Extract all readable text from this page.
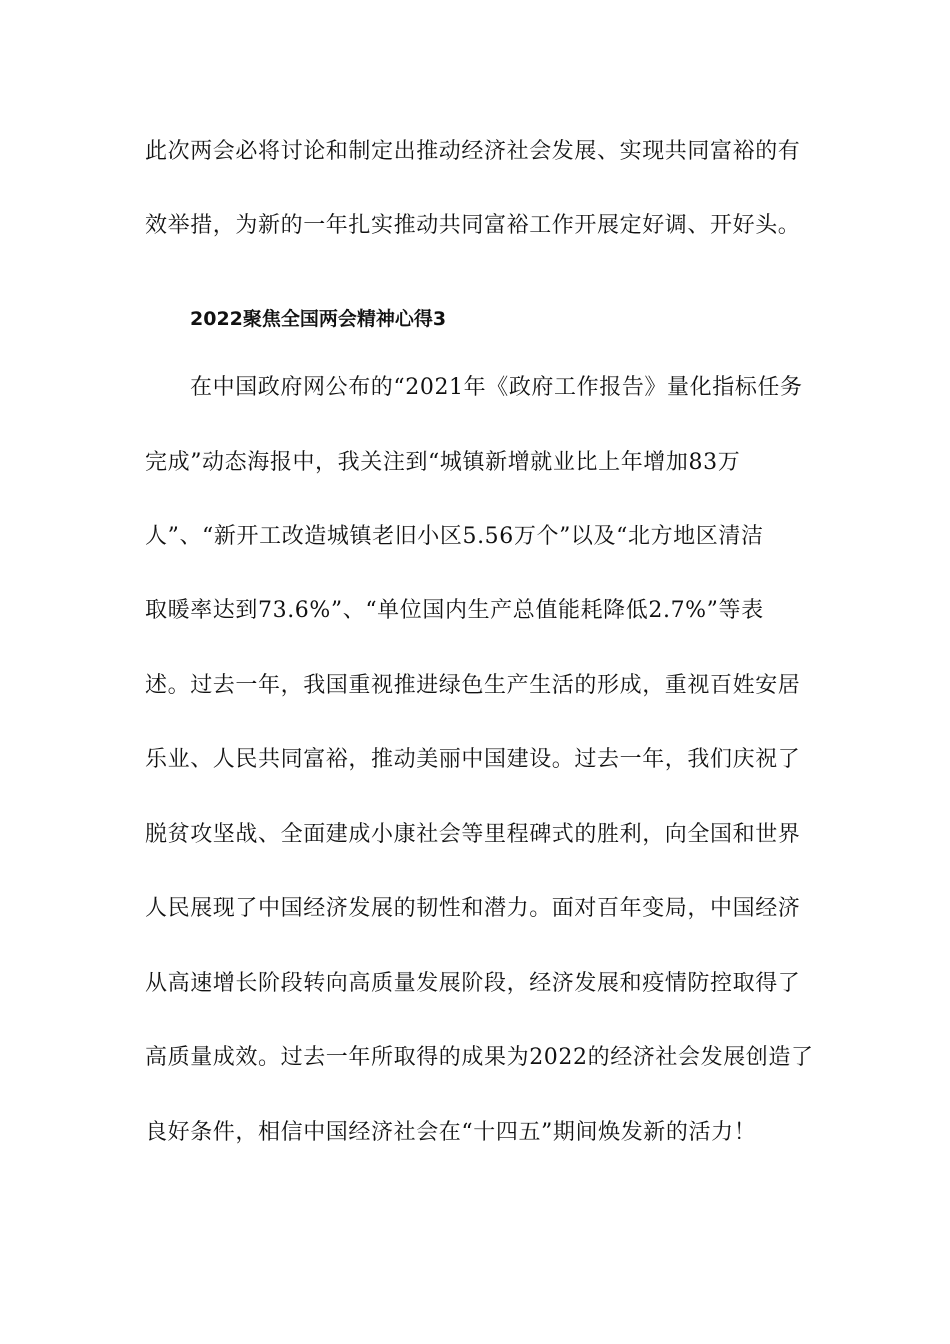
此次两会必将讨论和制定出推动经济社会发展、实现共同富裕的有
效举措，为新的一年扎实推动共同富裕工作开展定好调、开好头。
2022聚焦全国两会精神心得3
在中国政府网公布的“2021年《政府工作报告》量化指标任务
完成”动态海报中，我关注到“城镇新增就业比上年增加83万
人”、“新开工改造城镇老旧小区5.56万个”以及“北方地区清洁
取暖率达到73.6%”、“单位国内生产总值能耗降低2.7%”等表
述。过去一年，我国重视推进绿色生产生活的形成，重视百姓安居
乐业、人民共同富裕，推动美丽中国建设。过去一年，我们庆祝了
脱贫攻坚战、全面建成小康社会等里程碑式的胜利，向全国和世界
人民展现了中国经济发展的韧性和潜力。面对百年变局，中国经济
从高速增长阶段转向高质量发展阶段，经济发展和疫情防控取得了
高质量成效。过去一年所取得的成果为2022的经济社会发展创造了
良好条件，相信中国经济社会在“十四五”期间焕发新的活力！
